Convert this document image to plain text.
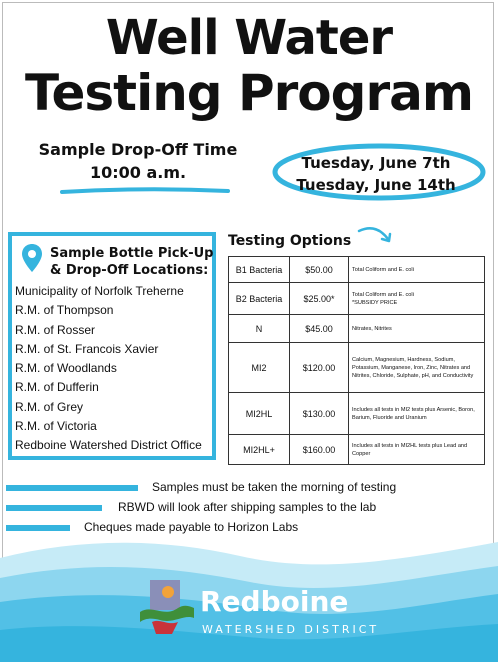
Well Water
Testing Program
Sample Drop-Off Time
10:00 a.m.	Tuesday, June 7th
Tuesday, June 14th
Sample Bottle Pick-Up & Drop-Off Locations:
Municipality of Norfolk Treherne
R.M. of Thompson
R.M. of Rosser
R.M. of St. Francois Xavier
R.M. of Woodlands
R.M. of Dufferin
R.M. of Grey
R.M. of Victoria
Redboine Watershed District Office
Testing Options
B1 Bacteria	$50.00	Total Coliform and E. coli
B2 Bacteria	$25.00*	Total Coliform and E. coli
*SUBSIDY PRICE
N	$45.00	Nitrates, Nitrites
MI2	$120.00	Calcium, Magnesium, Hardness, Sodium, Potassium, Manganese, Iron, Zinc, Nitrates and Nitrites, Chloride, Sulphate, pH, and Conductivity
MI2HL	$130.00	Includes all tests in MI2 tests plus Arsenic, Boron, Barium, Fluoride and Uranium
MI2HL+	$160.00	Includes all tests in MI2HL tests plus Lead and Copper
Samples must be taken the morning of testing
RBWD will look after shipping samples to the lab
Cheques made payable to Horizon Labs
Redboine
WATERSHED DISTRICT
